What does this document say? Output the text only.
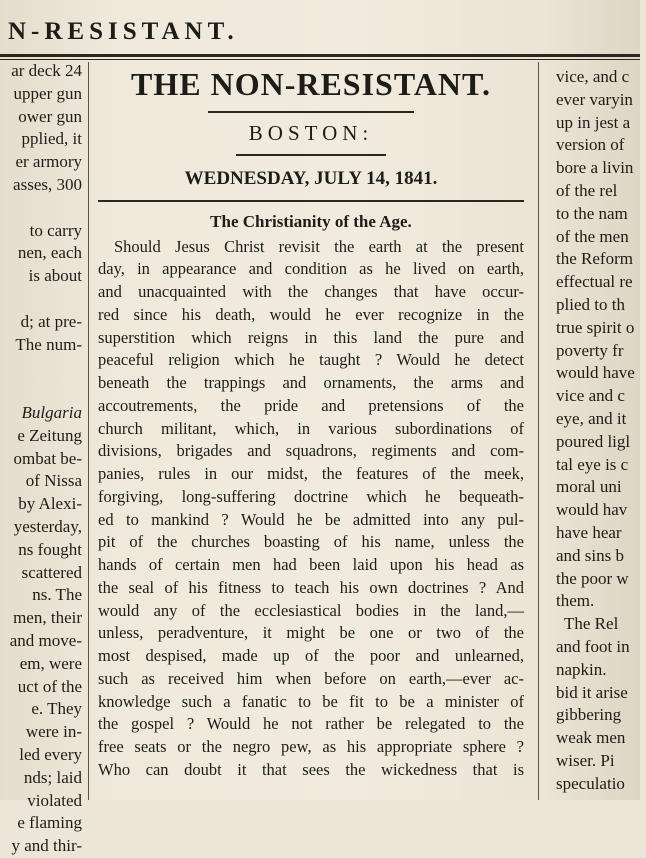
N-RESISTANT.
ar deck 24
upper gun
ower gun
pplied, it
er armory
asses, 300
to carry
nen, each
is about
d; at pre-
The num-
Bulgaria
e Zeitung
ombat be-
of Nissa
by Alexi-
yesterday,
ns fought
scattered
ns. The
men, their
and move-
em, were
uct of the
e. They
were in-
led every
nds; laid
violated
e flaming
y and thir-
THE NON-RESISTANT.
BOSTON:
WEDNESDAY, JULY 14, 1841.
The Christianity of the Age.
Should Jesus Christ revisit the earth at the present
day, in appearance and condition as he lived on earth,
and unacquainted with the changes that have occur-
red since his death, would he ever recognize in the
superstition which reigns in this land the pure and
peaceful religion which he taught ? Would he detect
beneath the trappings and ornaments, the arms and
accoutrements, the pride and pretensions of the
church militant, which, in various subordinations of
divisions, brigades and squadrons, regiments and com-
panies, rules in our midst, the features of the meek,
forgiving, long-suffering doctrine which he bequeath-
ed to mankind ? Would he be admitted into any pul-
pit of the churches boasting of his name, unless the
hands of certain men had been laid upon his head as
the seal of his fitness to teach his own doctrines ? And
would any of the ecclesiastical bodies in the land,—
unless, peradventure, it might be one or two of the
most despised, made up of the poor and unlearned,
such as received him when before on earth,—ever ac-
knowledge such a fanatic to be fit to be a minister of
the gospel ? Would he not rather be relegated to the
free seats or the negro pew, as his appropriate sphere ?
Who can doubt it that sees the wickedness that is
vice, and c
ever varyin
up in jest a
version of
bore a livin
of the rel
to the nam
of the men
the Reform
effectual re
plied to th
true spirit o
poverty fr
would have
vice and c
eye, and it
poured ligl
tal eye is c
moral uni
would hav
have hear
and sins b
the poor w
them.
The Rel
and foot in
napkin.
bid it arise
gibbering
weak men
wiser. Pi
speculatio
